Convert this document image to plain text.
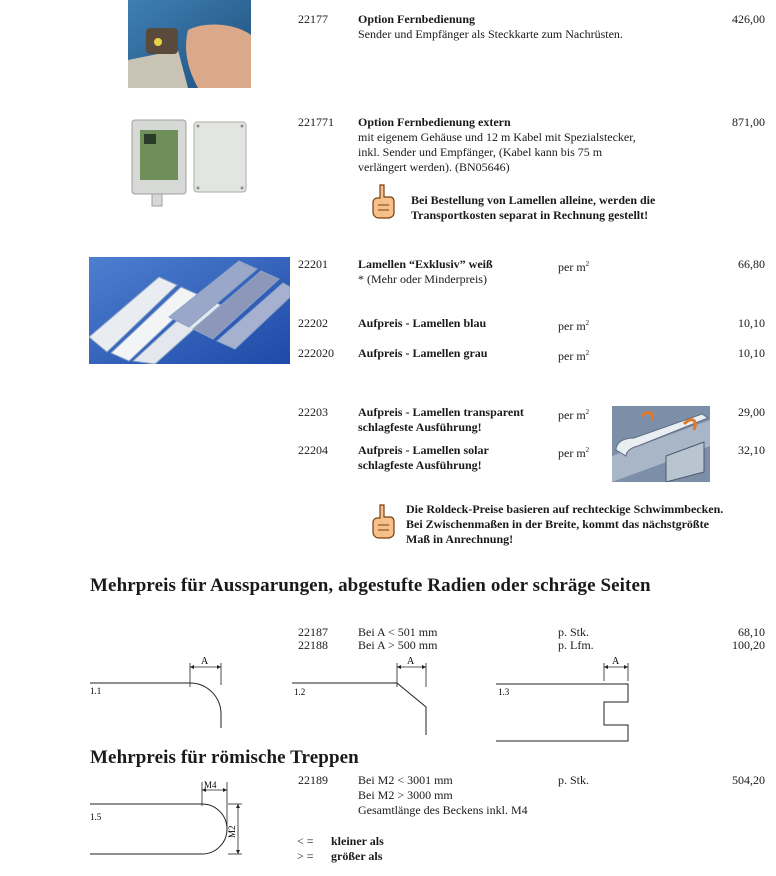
22177	Option Fernbedienung
Sender und Empfänger als Steckkarte zum Nachrüsten.
426,00
221771 Option Fernbedienung extern
mit eigenem Gehäuse und 12 m Kabel mit Spezialstecker,
inkl. Sender und Empfänger, (Kabel kann bis 75 m
verlängert werden). (BN05646)
871,00
Bei Bestellung von Lamellen alleine, werden die
Transportkosten separat in Rechnung gestellt!
22201	Lamellen “Exklusiv” weiß
* (Mehr oder Minderpreis)
per $m^2$	66,80
22202	Aufpreis - Lamellen blau	per $m^2$	10,10
222020 Aufpreis - Lamellen grau	per $m^2$	10,10
22203	Aufpreis - Lamellen transparent
schlagfeste Ausführung!
per $m^2$	29,00
22204	Aufpreis - Lamellen solar
schlagfeste Ausführung!
per $m^2$	32,10
Die Roldeck-Preise basieren auf rechteckige Schwimmbecken.
Bei Zwischenmaßen in der Breite, kommt das nächstgrößte
Maß in Anrechnung!
Mehrpreis für Aussparungen, abgestufte Radien oder schräge Seiten
22187	Bei A < 501 mm	p. Stk.	68,10
22188	Bei A > 500 mm	p. Lfm.	100,20
A
1.1
A
1.2
A
1.3
Mehrpreis für römische Treppen
22189	Bei M2 < 3001 mm
Bei M2 > 3000 mm
Gesamtlänge des Beckens inkl. M4
p. Stk.	504,20
M4
M2
1.5
< = kleiner als
> = größer als
